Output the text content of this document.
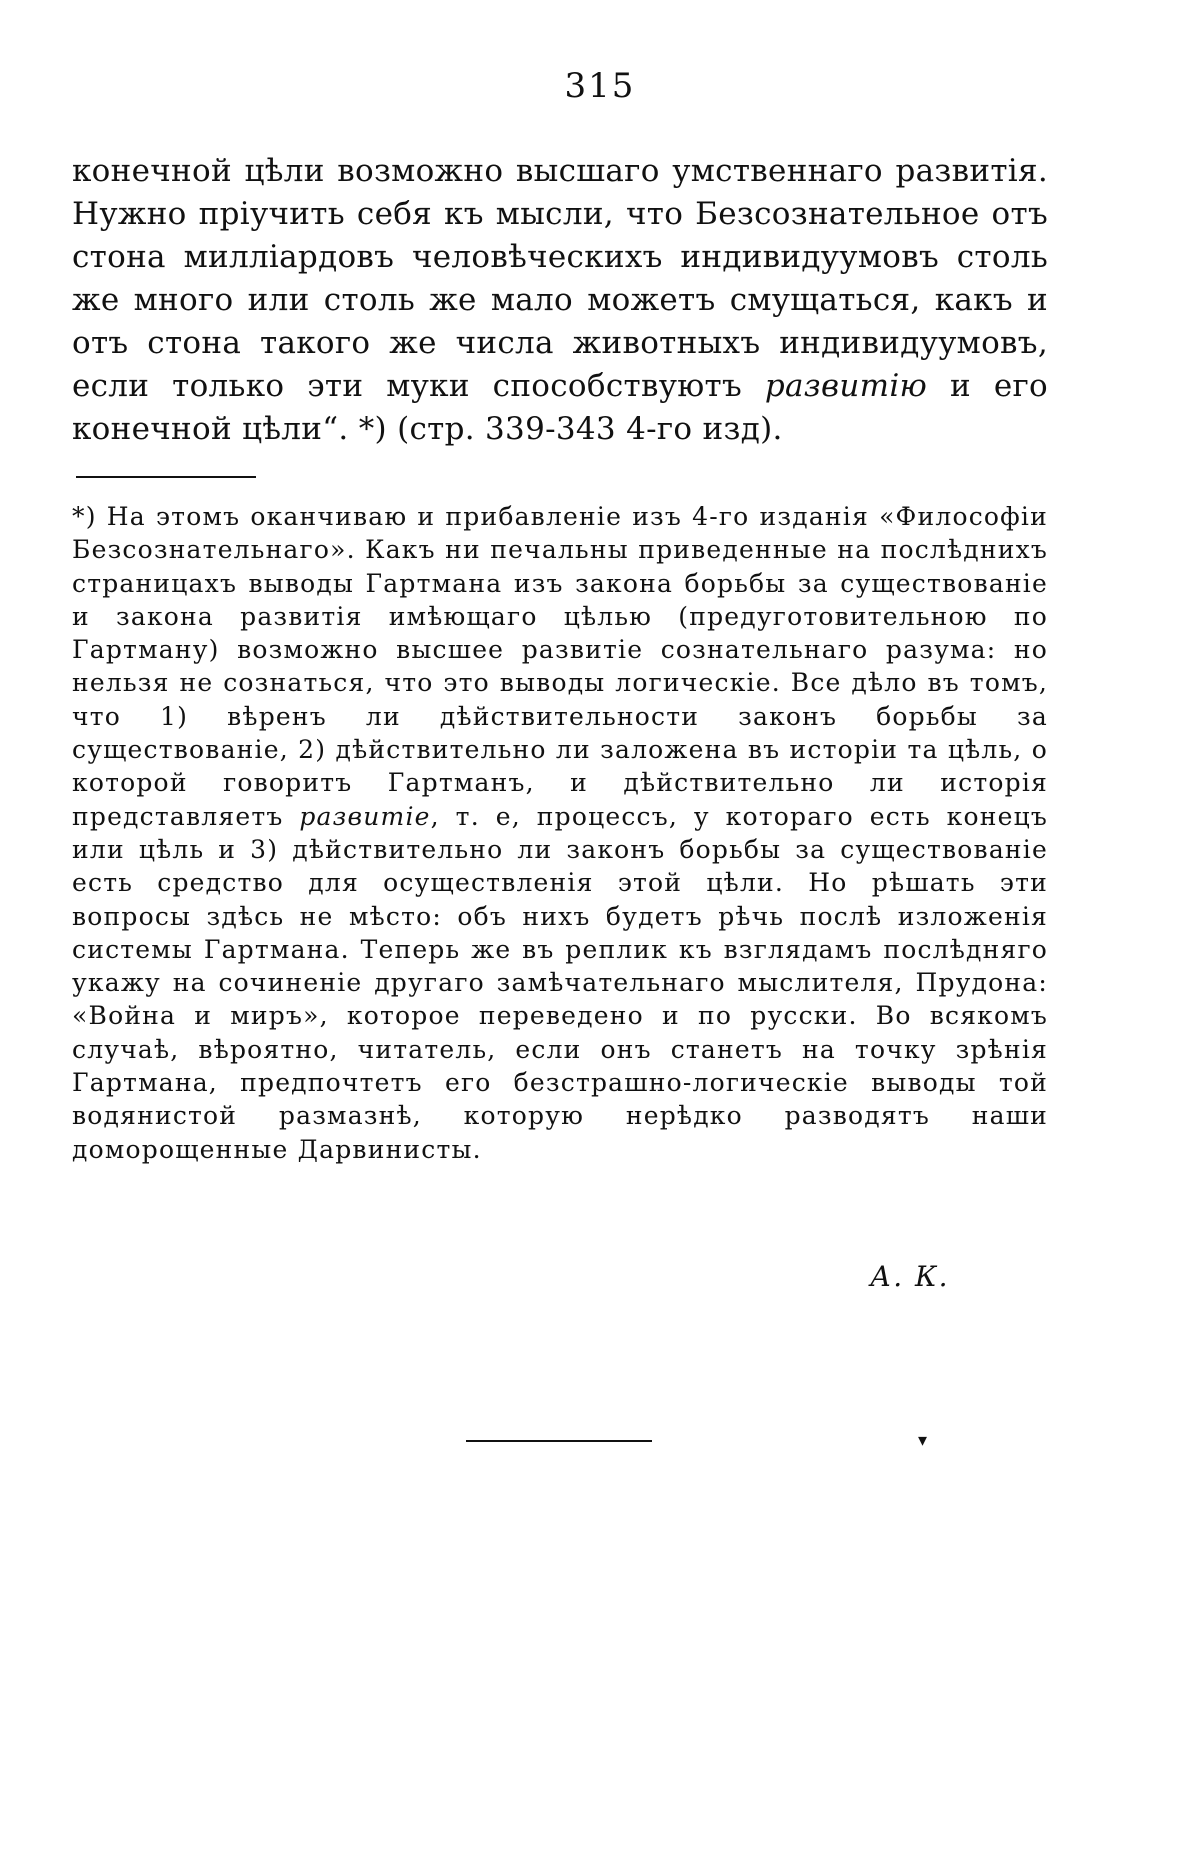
315

конечной цѣли возможно высшаго умственнаго развитія. Нужно пріучить себя къ мысли, что Безсознательное отъ стона милліардовъ человѣческихъ индивидуумовъ столь же много или столь же мало можетъ смущаться, какъ и отъ стона такого же числа животныхъ индивидуумовъ, если только эти муки способствуютъ развитію и его конечной цѣли“. *) (стр. 339-343 4-го изд).

*) На этомъ оканчиваю и прибавленіе изъ 4-го изданія «Философіи Безсознательнаго». Какъ ни печальны приведенные на послѣднихъ страницахъ выводы Гартмана изъ закона борьбы за существованіе и закона развитія имѣющаго цѣлью (предуготовительною по Гартману) возможно высшее развитіе сознательнаго разума: но нельзя не сознаться, что это выводы логическіе. Все дѣло въ томъ, что 1) вѣренъ ли дѣйствительности законъ борьбы за существованіе, 2) дѣйствительно ли заложена въ исторіи та цѣль, о которой говоритъ Гартманъ, и дѣйствительно ли исторія представляетъ развитіе, т. е, процессъ, у котораго есть конецъ или цѣль и 3) дѣйствительно ли законъ борьбы за существованіе есть средство для осуществленія этой цѣли. Но рѣшать эти вопросы здѣсь не мѣсто: объ нихъ будетъ рѣчь послѣ изложенія системы Гартмана. Теперь же въ реплик къ взглядамъ послѣдняго укажу на сочиненіе другаго замѣчательнаго мыслителя, Прудона: «Война и миръ», которое переведено и по русски. Во всякомъ случаѣ, вѣроятно, читатель, если онъ станетъ на точку зрѣнія Гартмана, предпочтетъ его безстрашно-логическіе выводы той водянистой размазнѣ, которую нерѣдко разводятъ наши доморощенные Дарвинисты.

А. К.
▾
